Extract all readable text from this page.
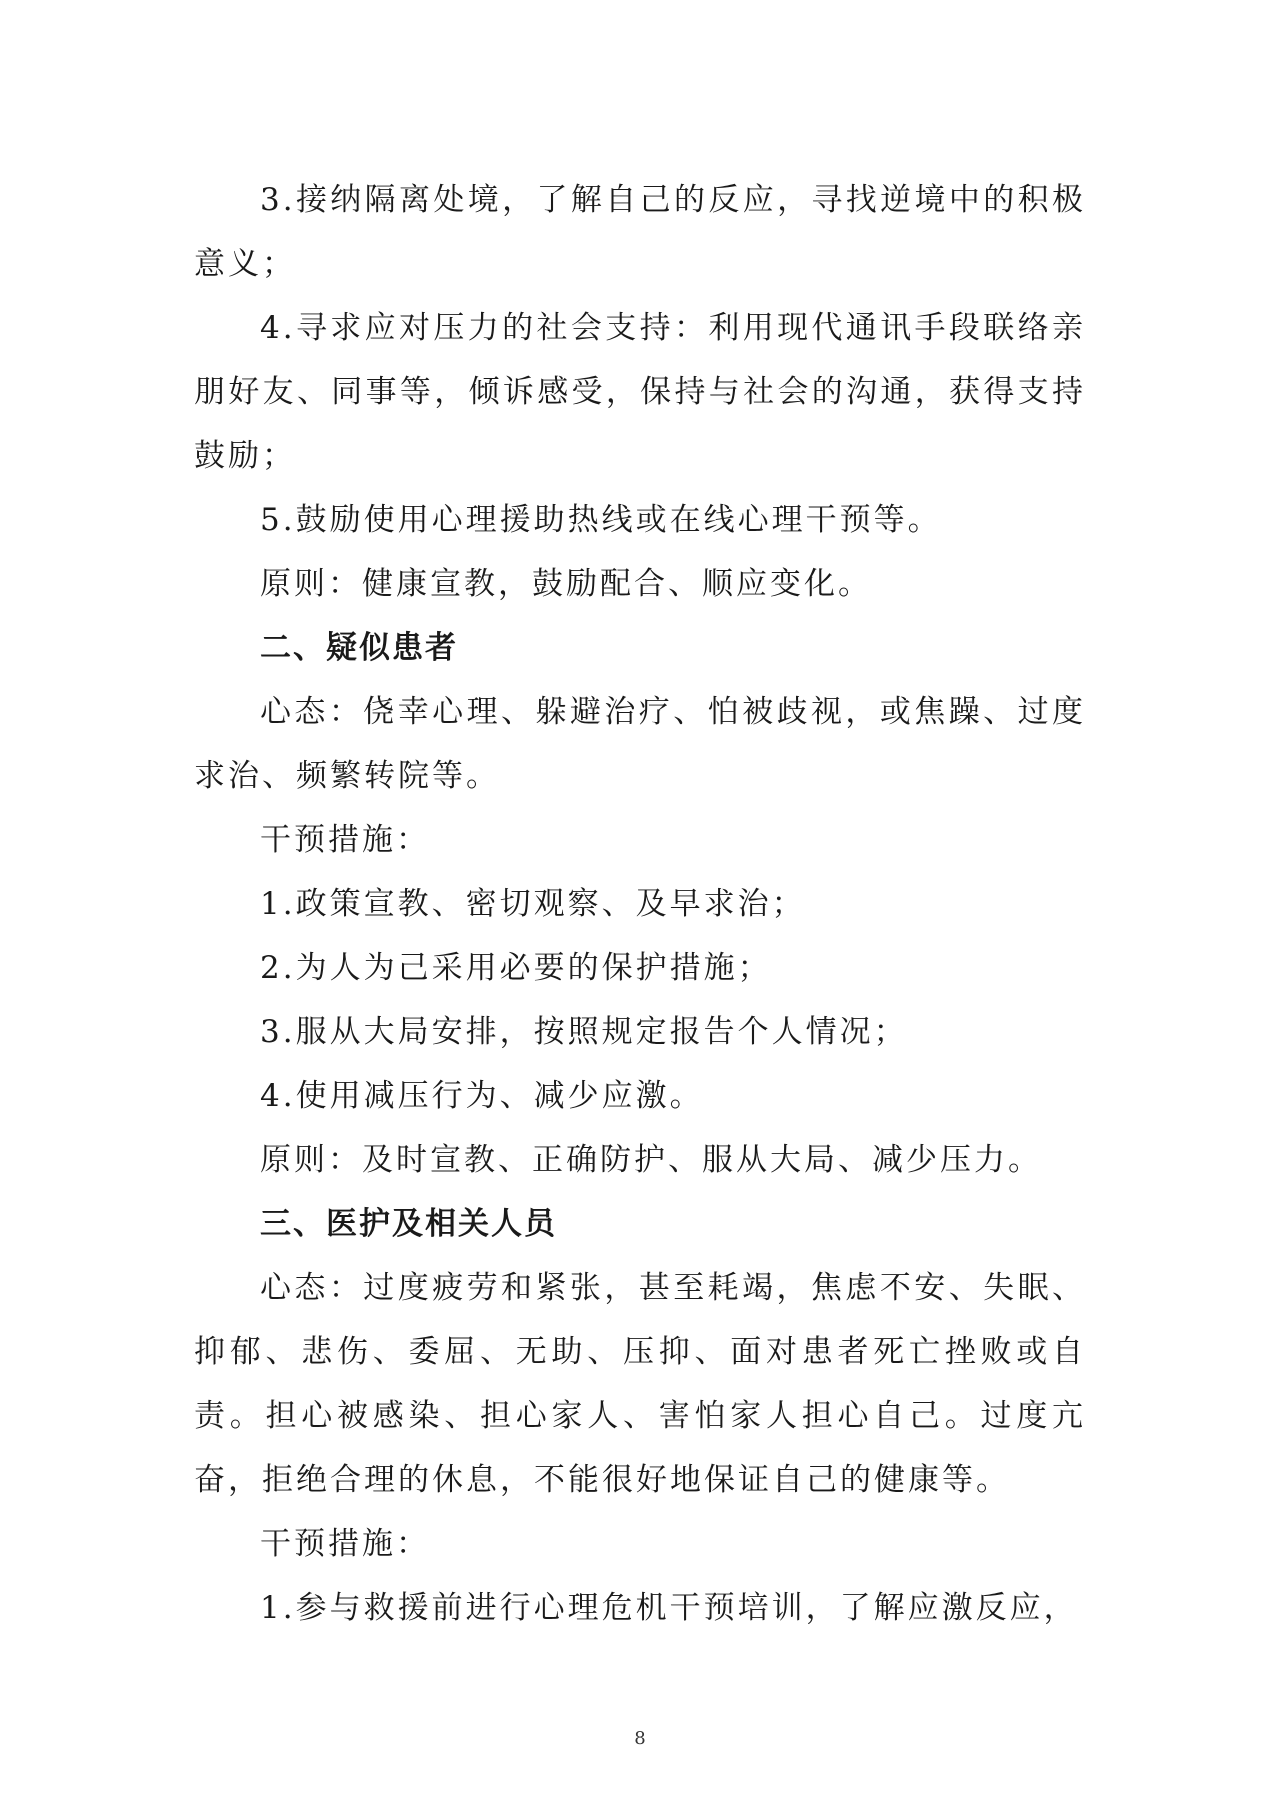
3.接纳隔离处境，了解自己的反应，寻找逆境中的积极意义；

4.寻求应对压力的社会支持：利用现代通讯手段联络亲朋好友、同事等，倾诉感受，保持与社会的沟通，获得支持鼓励；

5.鼓励使用心理援助热线或在线心理干预等。

原则：健康宣教，鼓励配合、顺应变化。

二、疑似患者

心态：侥幸心理、躲避治疗、怕被歧视，或焦躁、过度求治、频繁转院等。

干预措施：

1.政策宣教、密切观察、及早求治；

2.为人为己采用必要的保护措施；

3.服从大局安排，按照规定报告个人情况；

4.使用减压行为、减少应激。

原则：及时宣教、正确防护、服从大局、减少压力。

三、医护及相关人员

心态：过度疲劳和紧张，甚至耗竭，焦虑不安、失眠、抑郁、悲伤、委屈、无助、压抑、面对患者死亡挫败或自责。担心被感染、担心家人、害怕家人担心自己。过度亢奋，拒绝合理的休息，不能很好地保证自己的健康等。

干预措施：

1.参与救援前进行心理危机干预培训，了解应激反应，

8
